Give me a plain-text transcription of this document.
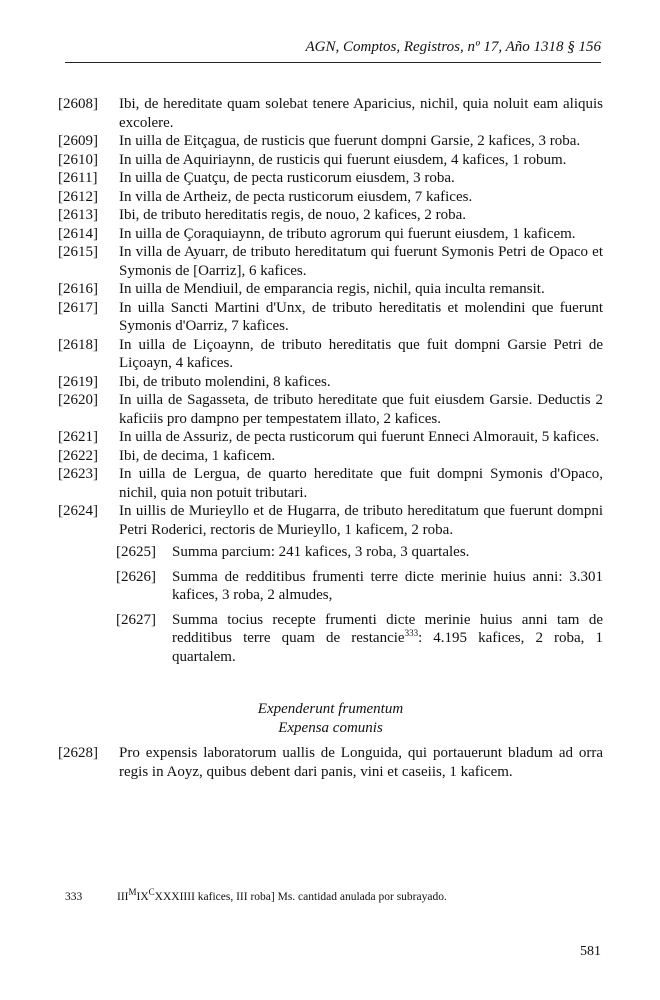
AGN, Comptos, Registros, nº 17, Año 1318 § 156
[2608]	Ibi, de hereditate quam solebat tenere Aparicius, nichil, quia noluit eam aliquis excolere.
[2609]	In uilla de Eitçagua, de rusticis que fuerunt dompni Garsie, 2 kafices, 3 roba.
[2610]	In uilla de Aquiriaynn, de rusticis qui fuerunt eiusdem, 4 kafices, 1 robum.
[2611]	In uilla de Çuatçu, de pecta rusticorum eiusdem, 3 roba.
[2612]	In villa de Artheiz, de pecta rusticorum eiusdem, 7 kafices.
[2613]	Ibi, de tributo hereditatis regis, de nouo, 2 kafices, 2 roba.
[2614]	In uilla de Çoraquiaynn, de tributo agrorum qui fuerunt eiusdem, 1 kaficem.
[2615]	In villa de Ayuarr, de tributo hereditatum qui fuerunt Symonis Petri de Opaco et Symonis de [Oarriz], 6 kafices.
[2616]	In uilla de Mendiuil, de emparancia regis, nichil, quia inculta remansit.
[2617]	In uilla Sancti Martini d'Unx, de tributo hereditatis et molendini que fuerunt Symonis d'Oarriz, 7 kafices.
[2618]	In uilla de Liçoaynn, de tributo hereditatis que fuit dompni Garsie Petri de Liçoayn, 4 kafices.
[2619]	Ibi, de tributo molendini, 8 kafices.
[2620]	In uilla de Sagasseta, de tributo hereditate que fuit eiusdem Garsie. Deductis 2 kaficiis pro dampno per tempestatem illato, 2 kafices.
[2621]	In uilla de Assuriz, de pecta rusticorum qui fuerunt Enneci Almorauit, 5 kafices.
[2622]	Ibi, de decima, 1 kaficem.
[2623]	In uilla de Lergua, de quarto hereditate que fuit dompni Symonis d'Opaco, nichil, quia non potuit tributari.
[2624]	In uillis de Murieyllo et de Hugarra, de tributo hereditatum que fuerunt dompni Petri Roderici, rectoris de Murieyllo, 1 kaficem, 2 roba.
[2625]	Summa parcium: 241 kafices, 3 roba, 3 quartales.
[2626]	Summa de redditibus frumenti terre dicte merinie huius anni: 3.301 kafices, 3 roba, 2 almudes,
[2627]	Summa tocius recepte frumenti dicte merinie huius anni tam de redditibus terre quam de restancie$^{333}$: 4.195 kafices, 2 roba, 1 quartalem.
Expenderunt frumentum
Expensa comunis
[2628]	Pro expensis laboratorum uallis de Longuida, qui portauerunt bladum ad orra regis in Aoyz, quibus debent dari panis, vini et caseiis, 1 kaficem.
333	$III^MIX^CXXXIIII$ kafices, III roba] Ms. cantidad anulada por subrayado.
581
